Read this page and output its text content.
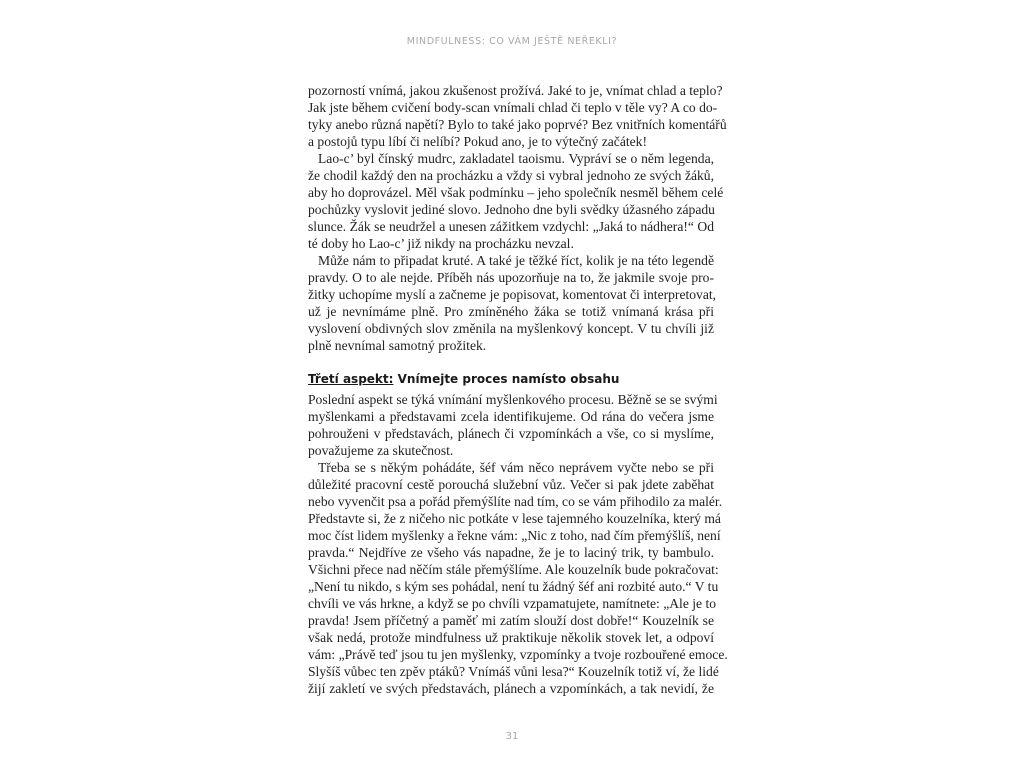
MINDFULNESS: CO VÁM JEŠTĚ NEŘEKLI?
pozorností vnímá, jakou zkušenost prožívá. Jaké to je, vnímat chlad a teplo?
Jak jste během cvičení body-scan vnímali chlad či teplo v těle vy? A co do-
tyky anebo různá napětí? Bylo to také jako poprvé? Bez vnitřních komentářů
a postojů typu líbí či nelíbí? Pokud ano, je to výtečný začátek!
Lao-c’ byl čínský mudrc, zakladatel taoismu. Vypráví se o něm legenda,
že chodil každý den na procházku a vždy si vybral jednoho ze svých žáků,
aby ho doprovázel. Měl však podmínku – jeho společník nesměl během celé
pochůzky vyslovit jediné slovo. Jednoho dne byli svědky úžasného západu
slunce. Žák se neudržel a unesen zážitkem vzdychl: „Jaká to nádhera!“ Od
té doby ho Lao-c’ již nikdy na procházku nevzal.
Může nám to připadat kruté. A také je těžké říct, kolik je na této legendě
pravdy. O to ale nejde. Příběh nás upozorňuje na to, že jakmile svoje pro-
žitky uchopíme myslí a začneme je popisovat, komentovat či interpretovat,
už je nevnímáme plně. Pro zmíněného žáka se totiž vnímaná krása při
vyslovení obdivných slov změnila na myšlenkový koncept. V tu chvíli již
plně nevnímal samotný prožitek.
Třetí aspekt: Vnímejte proces namísto obsahu
Poslední aspekt se týká vnímání myšlenkového procesu. Běžně se se svými
myšlenkami a představami zcela identifikujeme. Od rána do večera jsme
pohrouženi v představách, plánech či vzpomínkách a vše, co si myslíme,
považujeme za skutečnost.
Třeba se s někým pohádáte, šéf vám něco neprávem vyčte nebo se při
důležité pracovní cestě porouchá služební vůz. Večer si pak jdete zaběhat
nebo vyvenčit psa a pořád přemýšlíte nad tím, co se vám přihodilo za malér.
Představte si, že z ničeho nic potkáte v lese tajemného kouzelníka, který má
moc číst lidem myšlenky a řekne vám: „Nic z toho, nad čím přemýšlíš, není
pravda.“ Nejdříve ze všeho vás napadne, že je to laciný trik, ty bambulo.
Všichni přece nad něčím stále přemýšlíme. Ale kouzelník bude pokračovat:
„Není tu nikdo, s kým ses pohádal, není tu žádný šéf ani rozbité auto.“ V tu
chvíli ve vás hrkne, a když se po chvíli vzpamatujete, namítnete: „Ale je to
pravda! Jsem příčetný a paměť mi zatím slouží dost dobře!“ Kouzelník se
však nedá, protože mindfulness už praktikuje několik stovek let, a odpoví
vám: „Právě teď jsou tu jen myšlenky, vzpomínky a tvoje rozbouřené emoce.
Slyšíš vůbec ten zpěv ptáků? Vnímáš vůni lesa?“ Kouzelník totiž ví, že lidé
žijí zakletí ve svých představách, plánech a vzpomínkách, a tak nevidí, že
31
